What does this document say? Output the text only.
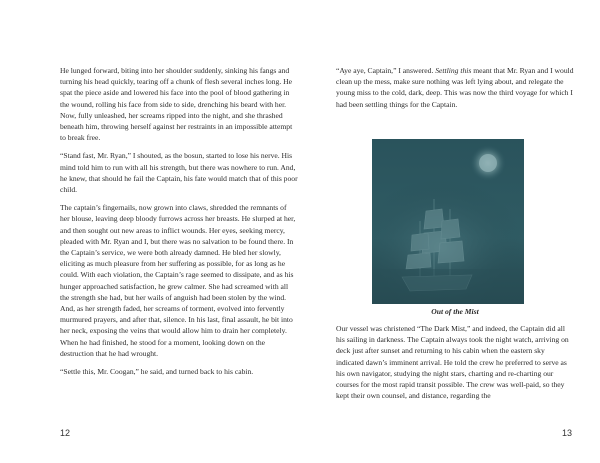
He lunged forward, biting into her shoulder suddenly, sinking his fangs and turning his head quickly, tearing off a chunk of flesh several inches long. He spat the piece aside and lowered his face into the pool of blood gathering in the wound, rolling his face from side to side, drenching his beard with her. Now, fully unleashed, her screams ripped into the night, and she thrashed beneath him, throwing herself against her restraints in an impossible attempt to break free.

“Stand fast, Mr. Ryan,” I shouted, as the bosun, started to lose his nerve. His mind told him to run with all his strength, but there was nowhere to run. And, he knew, that should he fail the Captain, his fate would match that of this poor child.

The captain’s fingernails, now grown into claws, shredded the remnants of her blouse, leaving deep bloody furrows across her breasts. He slurped at her, and then sought out new areas to inflict wounds. Her eyes, seeking mercy, pleaded with Mr. Ryan and I, but there was no salvation to be found there. In the Captain’s service, we were both already damned. He bled her slowly, eliciting as much pleasure from her suffering as possible, for as long as he could. With each violation, the Captain’s rage seemed to dissipate, and as his hunger approached satisfaction, he grew calmer. She had screamed with all the strength she had, but her wails of anguish had been stolen by the wind. And, as her strength faded, her screams of torment, evolved into fervently murmured prayers, and after that, silence. In his last, final assault, he bit into her neck, exposing the veins that would allow him to drain her completely. When he had finished, he stood for a moment, looking down on the destruction that he had wrought.

“Settle this, Mr. Coogan,” he said, and turned back to his cabin.

“Aye aye, Captain,” I answered. Settling this meant that Mr. Ryan and I would clean up the mess, make sure nothing was left lying about, and relegate the young miss to the cold, dark, deep. This was now the third voyage for which I had been settling things for the Captain.

Out of the Mist

Our vessel was christened “The Dark Mist,” and indeed, the Captain did all his sailing in darkness. The Captain always took the night watch, arriving on deck just after sunset and returning to his cabin when the eastern sky indicated dawn’s imminent arrival. He told the crew he preferred to serve as his own navigator, studying the night stars, charting and re-charting our courses for the most rapid transit possible. The crew was well-paid, so they kept their own counsel, and distance, regarding the

12	13
